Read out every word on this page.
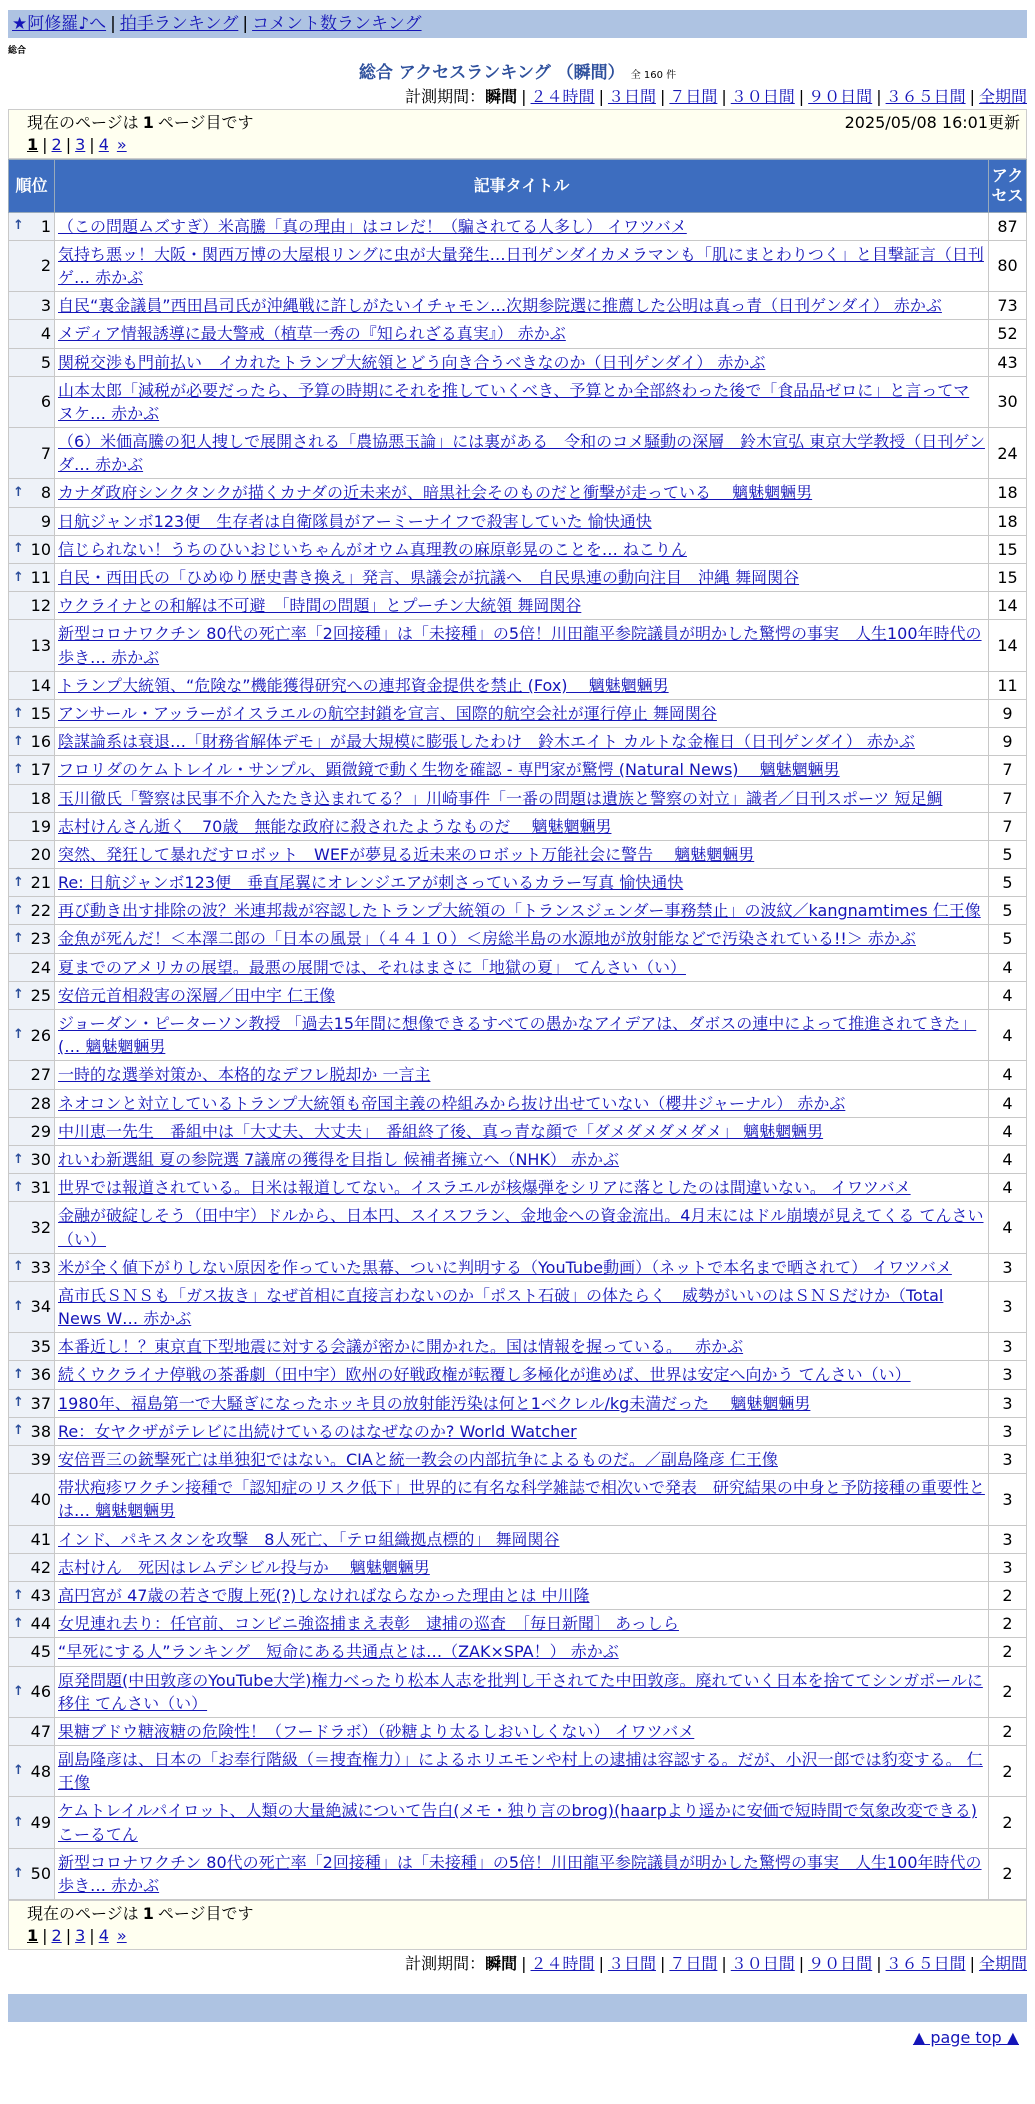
★阿修羅♪へ | 拍手ランキング | コメント数ランキング
総合
総合 アクセスランキング （瞬間） 全 160 件
計測期間：瞬間 | ２４時間 | ３日間 | ７日間 | ３０日間 | ９０日間 | ３６５日間 | 全期間
現在のページは 1 ページ目です	2025/05/08 16:01更新
1 | 2 | 3 | 4 »
順位	記事タイトル	アクセス

↑ 1	（この問題ムズすぎ）米高騰「真の理由」はコレだ！（騙されてる人多し） イワツバメ	87
2	気持ち悪ッ！大阪・関西万博の大屋根リングに虫が大量発生…日刊ゲンダイカメラマンも「肌にまとわりつく」と目撃証言（日刊ゲ… 赤かぶ	80
3	自民“裏金議員”西田昌司氏が沖縄戦に許しがたいイチャモン…次期参院選に推薦した公明は真っ青（日刊ゲンダイ） 赤かぶ	73
4	メディア情報誘導に最大警戒（植草一秀の『知られざる真実』） 赤かぶ	52
5	関税交渉も門前払い　イカれたトランプ大統領とどう向き合うべきなのか（日刊ゲンダイ） 赤かぶ	43
6	山本太郎「減税が必要だったら、予算の時期にそれを推していくべき、予算とか全部終わった後で「食品品ゼロに」と言ってマヌケ… 赤かぶ	30
7	（6）米価高騰の犯人捜しで展開される「農協悪玉論」には裏がある　令和のコメ騒動の深層　鈴木宣弘 東京大学教授（日刊ゲンダ… 赤かぶ	24

↑ 8	カナダ政府シンクタンクが描くカナダの近未来が、暗黒社会そのものだと衝撃が走っている　 魑魅魍魎男	18
9	日航ジャンボ123便　生存者は自衛隊員がアーミーナイフで殺害していた 愉快通快	18

↑ 10	信じられない！うちのひいおじいちゃんがオウム真理教の麻原彰晃のことを… ねこりん	15

↑ 11	自民・西田氏の「ひめゆり歴史書き換え」発言、県議会が抗議へ　自民県連の動向注目　沖縄 舞岡関谷	15
12	ウクライナとの和解は不可避　「時間の問題」とプーチン大統領 舞岡関谷	14
13	新型コロナワクチン 80代の死亡率「2回接種」は「未接種」の5倍！川田龍平参院議員が明かした驚愕の事実　人生100年時代の歩き… 赤かぶ	14
14	トランプ大統領、“危険な”機能獲得研究への連邦資金提供を禁止 (Fox)　 魑魅魍魎男	11

↑ 15	アンサール・アッラーがイスラエルの航空封鎖を宣言、国際的航空会社が運行停止 舞岡関谷	9

↑ 16	陰謀論系は衰退…「財務省解体デモ」が最大規模に膨張したわけ　鈴木エイト カルトな金権日（日刊ゲンダイ） 赤かぶ	9

↑ 17	フロリダのケムトレイル・サンプル、顕微鏡で動く生物を確認 - 専門家が驚愕 (Natural News)　 魑魅魍魎男	7
18	玉川徹氏「警察は民事不介入たたき込まれてる？」川崎事件「一番の問題は遺族と警察の対立」識者／日刊スポーツ 短足鯛	7
19	志村けんさん逝く　70歳　無能な政府に殺されたようなものだ　 魑魅魍魎男	7
20	突然、発狂して暴れだすロボット　WEFが夢見る近未来のロボット万能社会に警告　 魑魅魍魎男	5

↑ 21	Re: 日航ジャンボ123便　垂直尾翼にオレンジエアが刺さっているカラー写真 愉快通快	5

↑ 22	再び動き出す排除の波？米連邦裁が容認したトランプ大統領の「トランスジェンダー事務禁止」の波紋／kangnamtimes 仁王像	5

↑ 23	金魚が死んだ！＜本澤二郎の「日本の風景」（４４１０）＜房総半島の水源地が放射能などで汚染されている!!＞ 赤かぶ	5
24	夏までのアメリカの展望。最悪の展開では、それはまさに「地獄の夏」 てんさい（い）	4

↑ 25	安倍元首相殺害の深層／田中宇 仁王像	4

↑ 26	ジョーダン・ピーターソン教授 「過去15年間に想像できるすべての愚かなアイデアは、ダボスの連中によって推進されてきた」(… 魑魅魍魎男	4
27	一時的な選挙対策か、本格的なデフレ脱却か 一言主	4
28	ネオコンと対立しているトランプ大統領も帝国主義の枠組みから抜け出せていない（櫻井ジャーナル） 赤かぶ	4
29	中川恵一先生　番組中は「大丈夫、大丈夫」　番組終了後、真っ青な顔で「ダメダメダメダメ」 魑魅魍魎男	4

↑ 30	れいわ新選組 夏の参院選 7議席の獲得を目指し 候補者擁立へ（NHK） 赤かぶ	4

↑ 31	世界では報道されている。日米は報道してない。イスラエルが核爆弾をシリアに落としたのは間違いない。 イワツバメ	4
32	金融が破綻しそう（田中宇）ドルから、日本円、スイスフラン、金地金への資金流出。4月末にはドル崩壊が見えてくる てんさい（い）	4

↑ 33	米が全く値下がりしない原因を作っていた黒幕、ついに判明する（YouTube動画）（ネットで本名まで晒されて） イワツバメ	3

↑ 34	高市氏ＳＮＳも「ガス抜き」なぜ首相に直接言わないのか「ポスト石破」の体たらく　威勢がいいのはＳＮＳだけか（Total News W… 赤かぶ	3
35	本番近し！？東京直下型地震に対する会議が密かに開かれた。国は情報を握っている。　 赤かぶ	3

↑ 36	続くウクライナ停戦の茶番劇（田中宇）欧州の好戦政権が転覆し多極化が進めば、世界は安定へ向かう てんさい（い）	3

↑ 37	1980年、福島第一で大騒ぎになったホッキ貝の放射能汚染は何と1ベクレル/kg未満だった　 魑魅魍魎男	3

↑ 38	Re：女ヤクザがテレビに出続けているのはなぜなのか? World Watcher	3
39	安倍晋三の銃撃死亡は単独犯ではない。CIAと統一教会の内部抗争によるものだ。／副島隆彦 仁王像	3
40	帯状疱疹ワクチン接種で「認知症のリスク低下」世界的に有名な科学雑誌で相次いで発表　研究結果の中身と予防接種の重要性とは… 魑魅魍魎男	3
41	インド、パキスタンを攻撃　8人死亡、「テロ組織拠点標的」 舞岡関谷	3
42	志村けん　死因はレムデシビル投与か　 魑魅魍魎男	3

↑ 43	高円宮が 47歳の若さで腹上死(?)しなければならなかった理由とは 中川隆	2

↑ 44	女児連れ去り：任官前、コンビニ強盗捕まえ表彰　逮捕の巡査　［毎日新聞］ あっしら	2
45	“早死にする人”ランキング　短命にある共通点とは…（ZAK×SPA！） 赤かぶ	2

↑ 46	原発問題(中田敦彦のYouTube大学)権力べったり松本人志を批判し干されてた中田敦彦。廃れていく日本を捨ててシンガポールに移住 てんさい（い）	2
47	果糖ブドウ糖液糖の危険性！（フードラボ）（砂糖より太るしおいしくない） イワツバメ	2

↑ 48	副島隆彦は、日本の「お奉行階級（＝捜査権力）」によるホリエモンや村上の逮捕は容認する。だが、小沢一郎では豹変する。 仁王像	2

↑ 49	ケムトレイルパイロット、人類の大量絶滅について告白(メモ・独り言のbrog)(haarpより遥かに安価で短時間で気象改変できる) こーるてん	2

↑ 50	新型コロナワクチン 80代の死亡率「2回接種」は「未接種」の5倍！川田龍平参院議員が明かした驚愕の事実　人生100年時代の歩き… 赤かぶ	2
現在のページは 1 ページ目です
1 | 2 | 3 | 4 »
計測期間：瞬間 | ２４時間 | ３日間 | ７日間 | ３０日間 | ９０日間 | ３６５日間 | 全期間
▲ page top ▲
